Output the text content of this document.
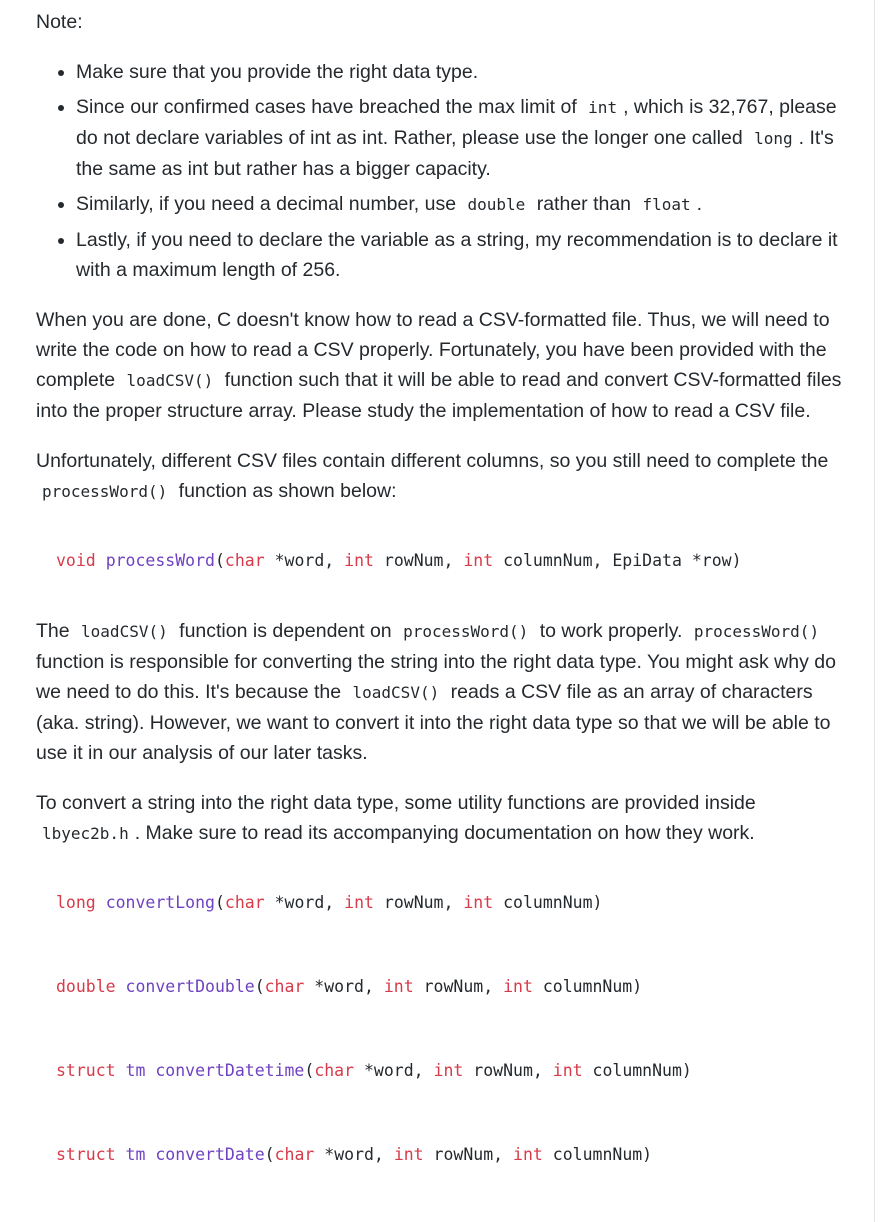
Note:

• Make sure that you provide the right data type.
• Since our confirmed cases have breached the max limit of int , which is 32,767, please do not declare variables of int as int. Rather, please use the longer one called long . It's the same as int but rather has a bigger capacity.
• Similarly, if you need a decimal number, use double rather than float .
• Lastly, if you need to declare the variable as a string, my recommendation is to declare it with a maximum length of 256.

When you are done, C doesn't know how to read a CSV-formatted file. Thus, we will need to write the code on how to read a CSV properly. Fortunately, you have been provided with the complete loadCSV() function such that it will be able to read and convert CSV-formatted files into the proper structure array. Please study the implementation of how to read a CSV file.

Unfortunately, different CSV files contain different columns, so you still need to complete the processWord() function as shown below:

void processWord(char *word, int rowNum, int columnNum, EpiData *row)

The loadCSV() function is dependent on processWord() to work properly. processWord() function is responsible for converting the string into the right data type. You might ask why do we need to do this. It's because the loadCSV() reads a CSV file as an array of characters (aka. string). However, we want to convert it into the right data type so that we will be able to use it in our analysis of our later tasks.

To convert a string into the right data type, some utility functions are provided inside lbyec2b.h . Make sure to read its accompanying documentation on how they work.

long convertLong(char *word, int rowNum, int columnNum)
double convertDouble(char *word, int rowNum, int columnNum)
struct tm convertDatetime(char *word, int rowNum, int columnNum)
struct tm convertDate(char *word, int rowNum, int columnNum)
